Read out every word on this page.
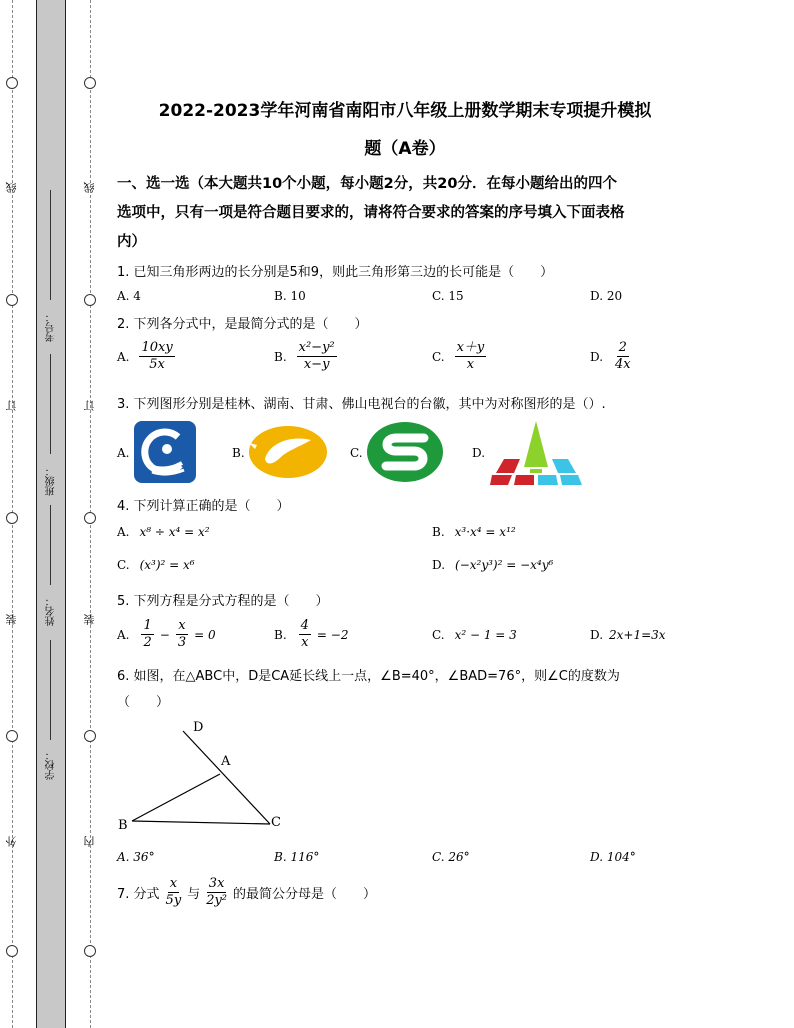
线
订
装
外
线
订
装
内
考号：
班级：
姓名：
学校：
2022-2023学年河南省南阳市八年级上册数学期末专项提升模拟
题（A卷）
一、选一选（本大题共10个小题，每小题2分，共20分．在每小题给出的四个
选项中，只有一项是符合题目要求的，请将符合要求的答案的序号填入下面表格
内）
1. 已知三角形两边的长分别是5和9，则此三角形第三边的长可能是（　　）
A. 4	B. 10	C. 15	D. 20
2. 下列各分式中，是最简分式的是（　　）
A. $\frac{10xy}{5x}$	B. $\frac{\text{x²−y²}}{x-y}$	C. $\frac{x+y}{x}$	D. $\frac{2}{4x}$
3. 下列图形分别是桂林、湖南、甘肃、佛山电视台的台徽，其中为对称图形的是（）.
A.	B.	C.	D.
4. 下列计算正确的是（　　）
A. x⁸ ÷ x⁴ = x²	B. x³·x⁴ = x¹²
C. (x³)² = x⁶	D. (−x²y³)² = −x⁴y⁶
5. 下列方程是分式方程的是（　　）
A. $\frac{1}{2} - \frac{x}{3} = 0$	B. $\frac{4}{x} = -2$	C. x² − 1 = 3	D. 2x+1=3x
6. 如图，在△ABC中，D是CA延长线上一点，∠B=40°，∠BAD=76°，则∠C的度数为
（　　）
D
A
B	C
A. 36°	B. 116°	C. 26°	D. 104°
7. 分式 $\frac{x}{5y}$ 与 $\frac{3x}{\text{2y²}}$ 的最简公分母是（　　）
